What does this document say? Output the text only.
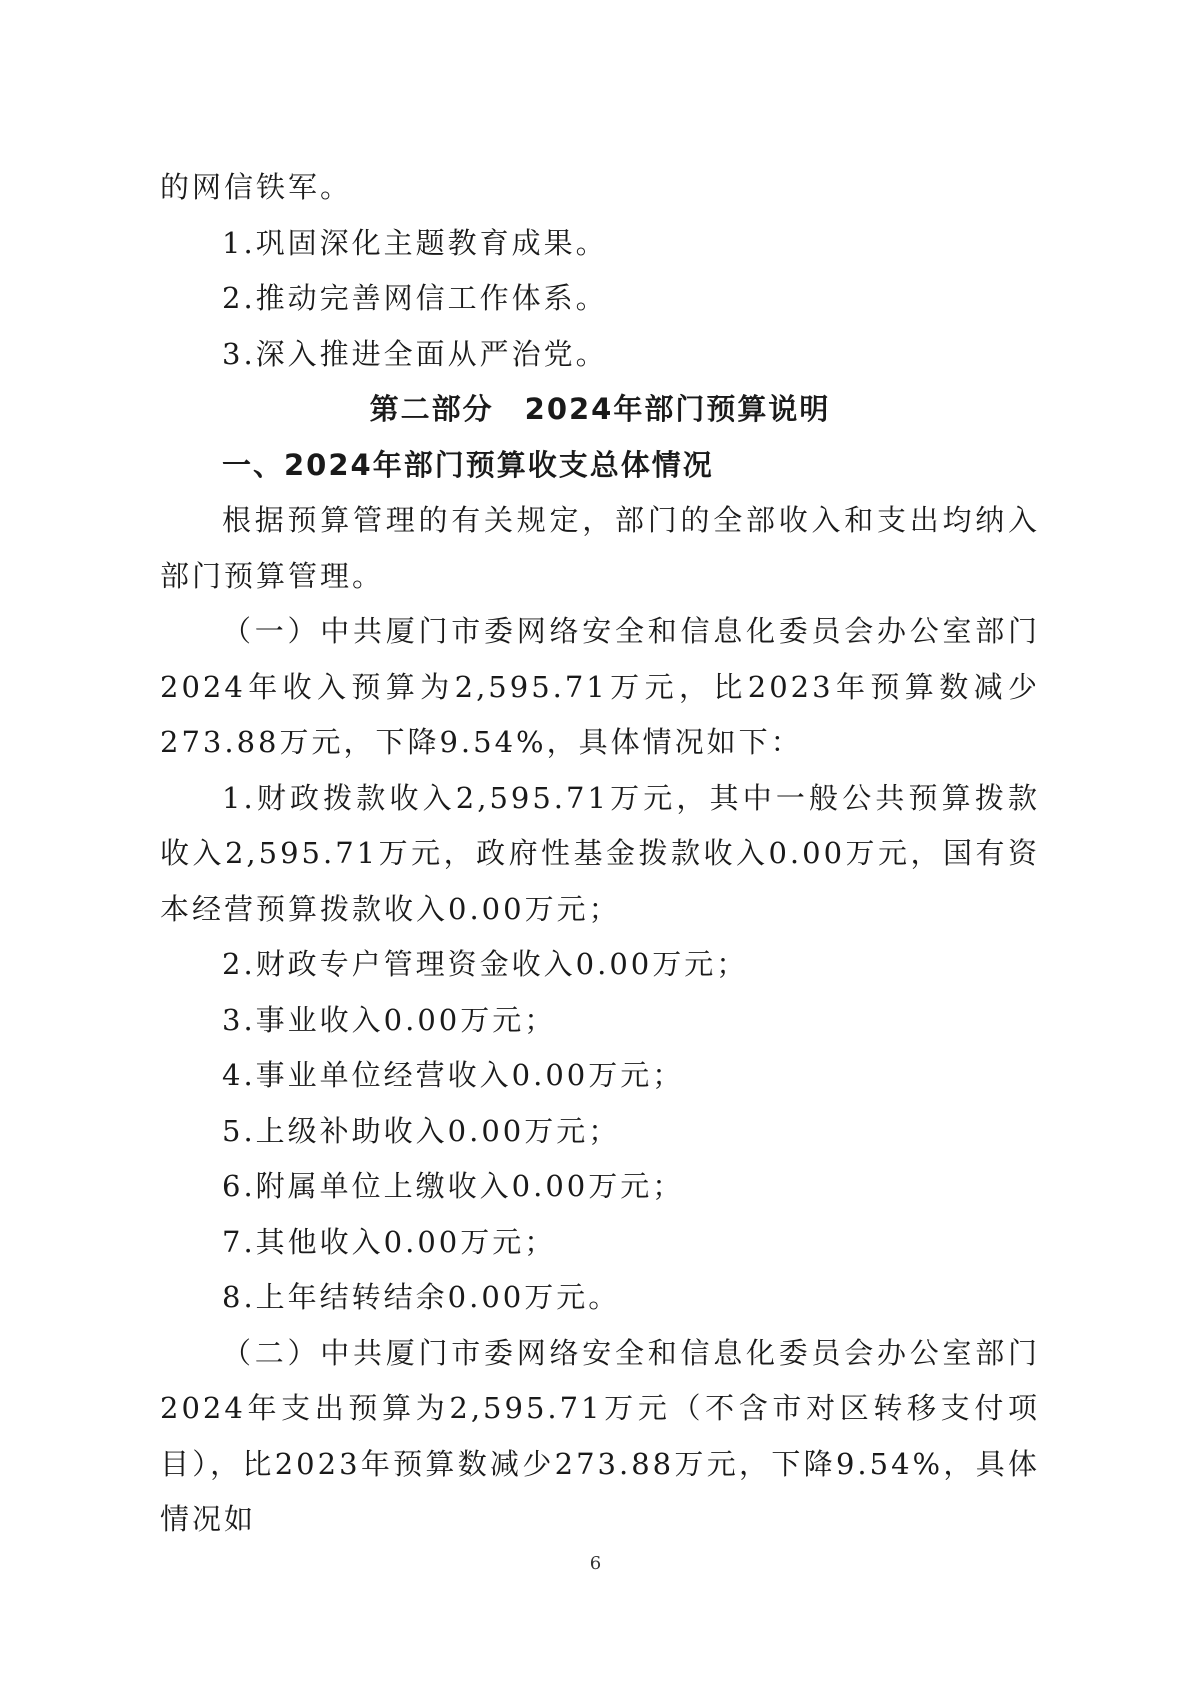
的网信铁军。

1.巩固深化主题教育成果。

2.推动完善网信工作体系。

3.深入推进全面从严治党。

第二部分　2024年部门预算说明

一、2024年部门预算收支总体情况

根据预算管理的有关规定，部门的全部收入和支出均纳入部门预算管理。

（一）中共厦门市委网络安全和信息化委员会办公室部门2024年收入预算为2,595.71万元，比2023年预算数减少273.88万元，下降9.54%，具体情况如下：

1.财政拨款收入2,595.71万元，其中一般公共预算拨款收入2,595.71万元，政府性基金拨款收入0.00万元，国有资本经营预算拨款收入0.00万元；

2.财政专户管理资金收入0.00万元；

3.事业收入0.00万元；

4.事业单位经营收入0.00万元；

5.上级补助收入0.00万元；

6.附属单位上缴收入0.00万元；

7.其他收入0.00万元；

8.上年结转结余0.00万元。

（二）中共厦门市委网络安全和信息化委员会办公室部门2024年支出预算为2,595.71万元（不含市对区转移支付项目），比2023年预算数减少273.88万元，下降9.54%，具体情况如

6
